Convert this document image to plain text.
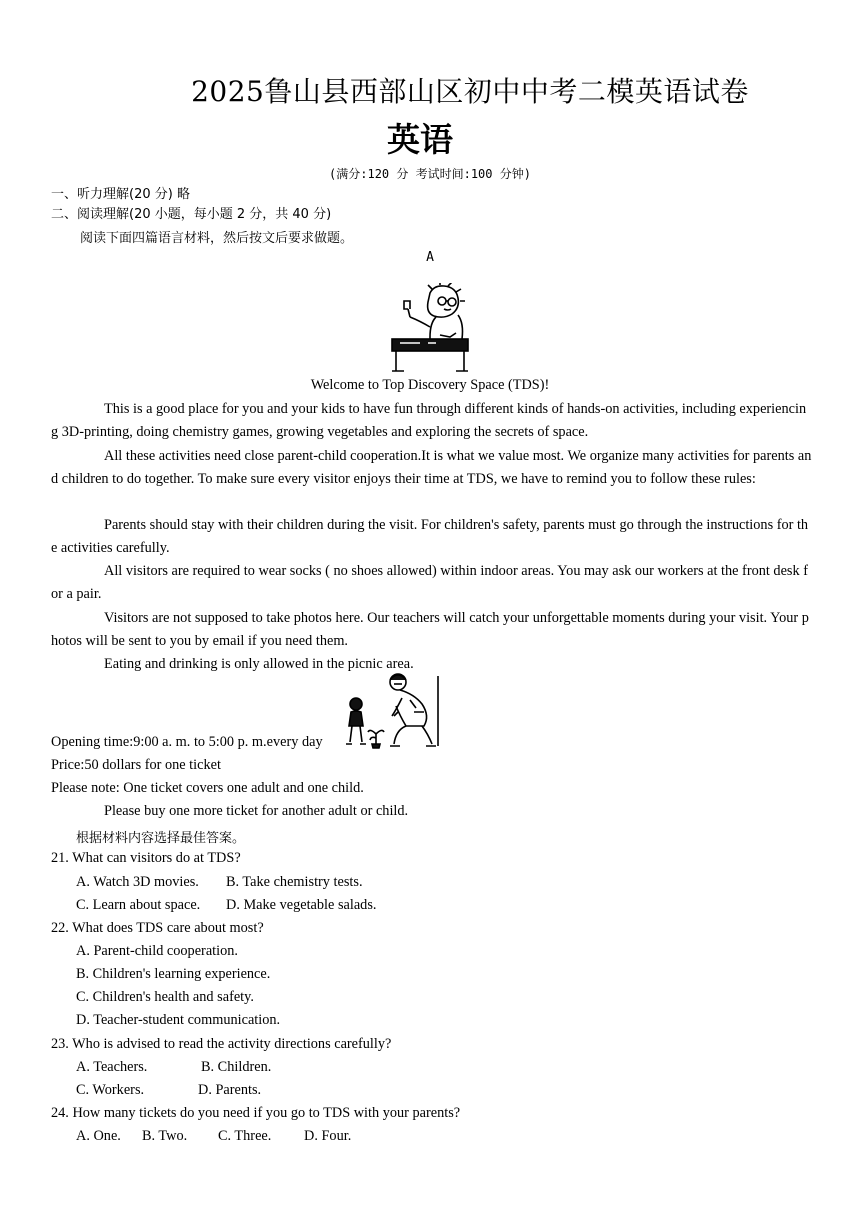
2025鲁山县西部山区初中中考二模英语试卷
英语
(满分:120 分 考试时间:100 分钟)
一、听力理解(20 分) 略
二、阅读理解(20 小题，每小题 2 分，共 40 分)
阅读下面四篇语言材料，然后按文后要求做题。
A
Welcome to Top Discovery Space (TDS)!
This is a good place for you and your kids to have fun through different kinds of hands-on activities, including experiencing 3D-printing, doing chemistry games, growing vegetables and exploring the secrets of space.
All these activities need close parent-child cooperation.It is what we value most. We organize many activities for parents and children to do together. To make sure every visitor enjoys their time at TDS, we have to remind you to follow these rules:
Parents should stay with their children during the visit. For children's safety, parents must go through the instructions for the activities carefully.
All visitors are required to wear socks ( no shoes allowed) within indoor areas. You may ask our workers at the front desk for a pair.
Visitors are not supposed to take photos here. Our teachers will catch your unforgettable moments during your visit. Your photos will be sent to you by email if you need them.
Eating and drinking is only allowed in the picnic area.
Opening time:9:00 a. m. to 5:00 p. m.every day
Price:50 dollars for one ticket
Please note: One ticket covers one adult and one child.
Please buy one more ticket for another adult or child.
根据材料内容选择最佳答案。
21. What can visitors do at TDS?
A. Watch 3D movies. B. Take chemistry tests.
C. Learn about space. D. Make vegetable salads.
22. What does TDS care about most?
A. Parent-child cooperation.
B. Children's learning experience.
C. Children's health and safety.
D. Teacher-student communication.
23. Who is advised to read the activity directions carefully?
A. Teachers.	B. Children.
C. Workers.	D. Parents.
24. How many tickets do you need if you go to TDS with your parents?
A. One. B. Two. C. Three. D. Four.
